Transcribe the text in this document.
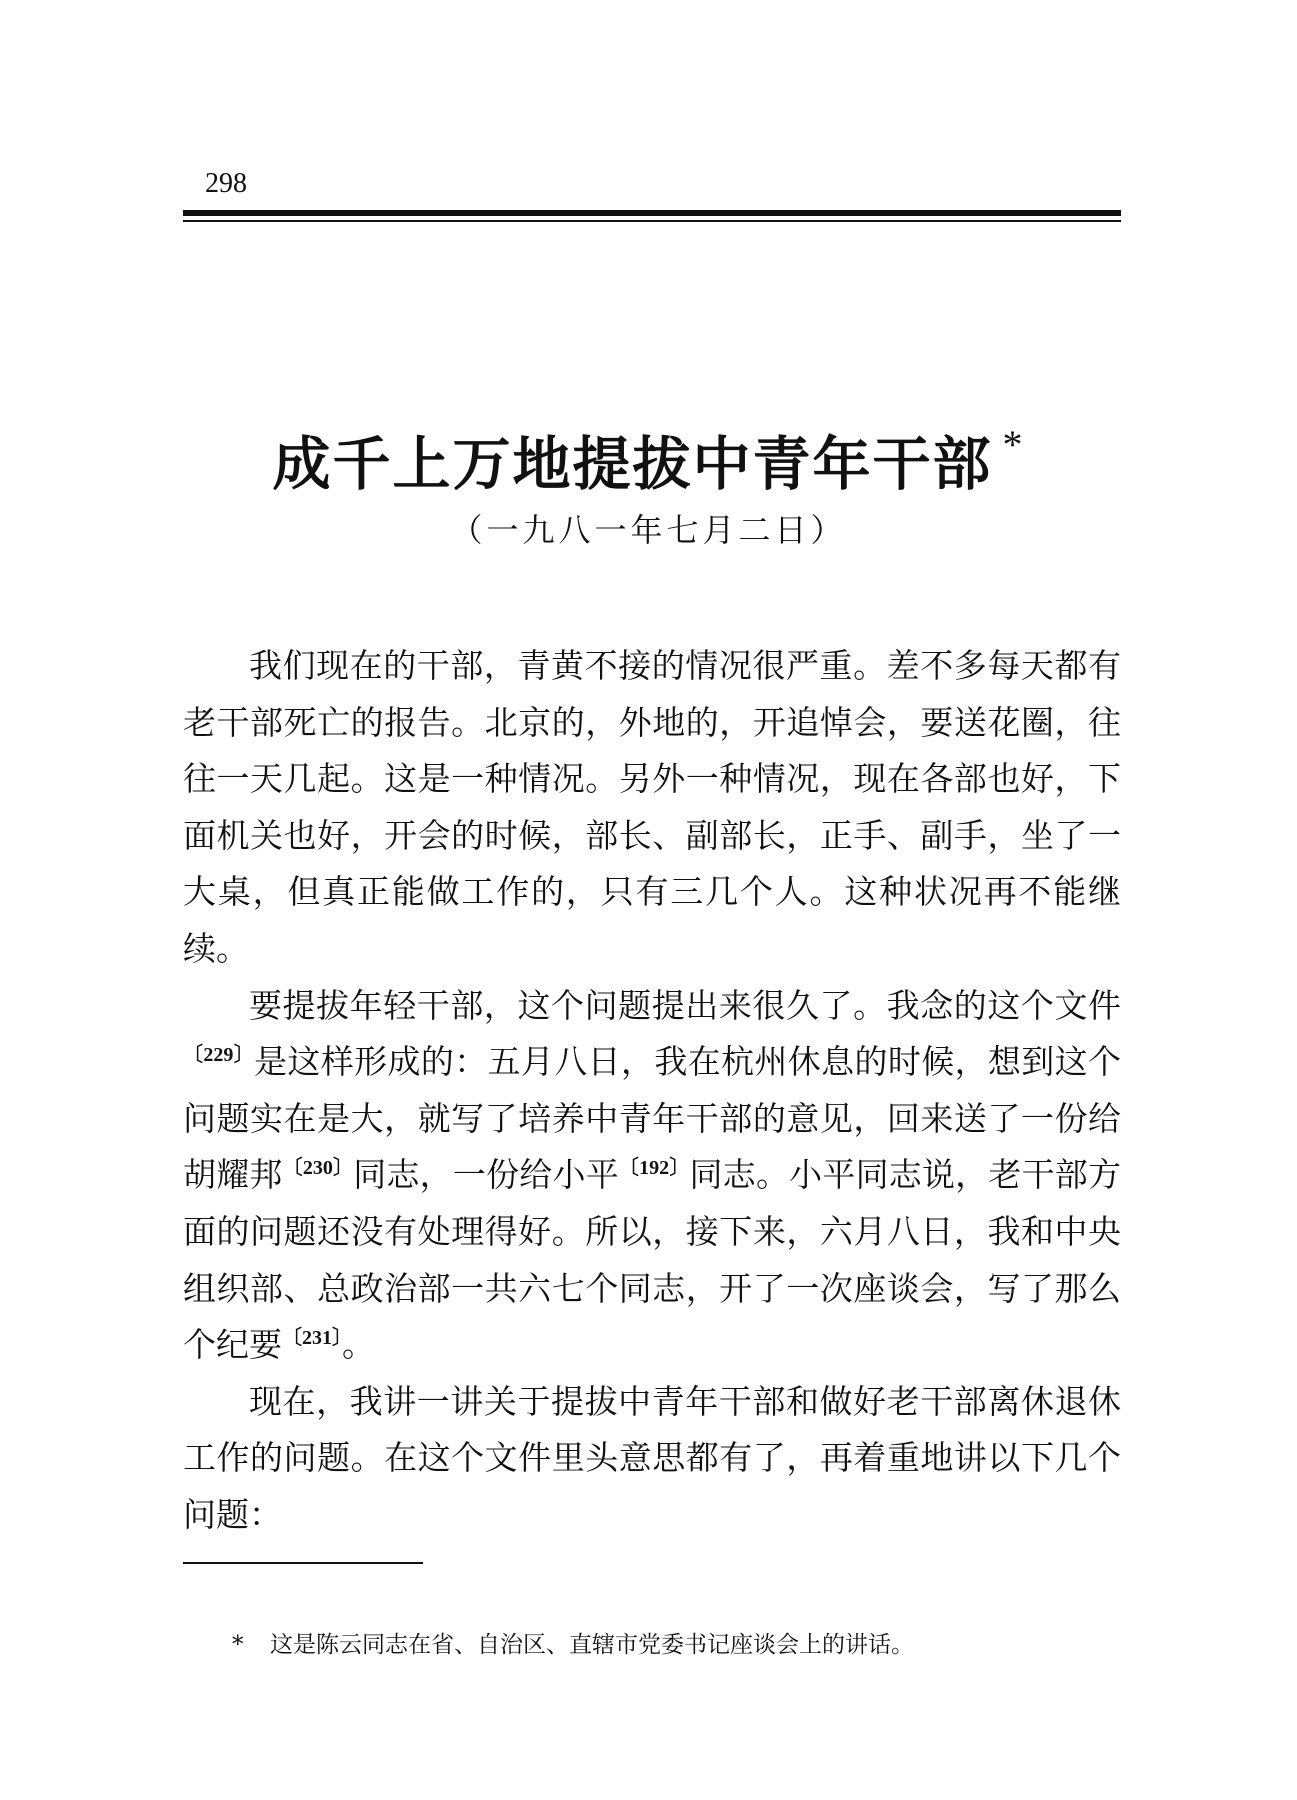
298
成千上万地提拔中青年干部 *
（一九八一年七月二日）

我们现在的干部，青黄不接的情况很严重。差不多每天都有老干部死亡的报告。北京的，外地的，开追悼会，要送花圈，往往一天几起。这是一种情况。另外一种情况，现在各部也好，下面机关也好，开会的时候，部长、副部长，正手、副手，坐了一大桌，但真正能做工作的，只有三几个人。这种状况再不能继续。

要提拔年轻干部，这个问题提出来很久了。我念的这个文件$^{〔229〕}$是这样形成的：五月八日，我在杭州休息的时候，想到这个问题实在是大，就写了培养中青年干部的意见，回来送了一份给胡耀邦$^{〔230〕}$同志，一份给小平$^{〔192〕}$同志。小平同志说，老干部方面的问题还没有处理得好。所以，接下来，六月八日，我和中央组织部、总政治部一共六七个同志，开了一次座谈会，写了那么个纪要$^{〔231〕}$。

现在，我讲一讲关于提拔中青年干部和做好老干部离休退休工作的问题。在这个文件里头意思都有了，再着重地讲以下几个问题：

* 这是陈云同志在省、自治区、直辖市党委书记座谈会上的讲话。
